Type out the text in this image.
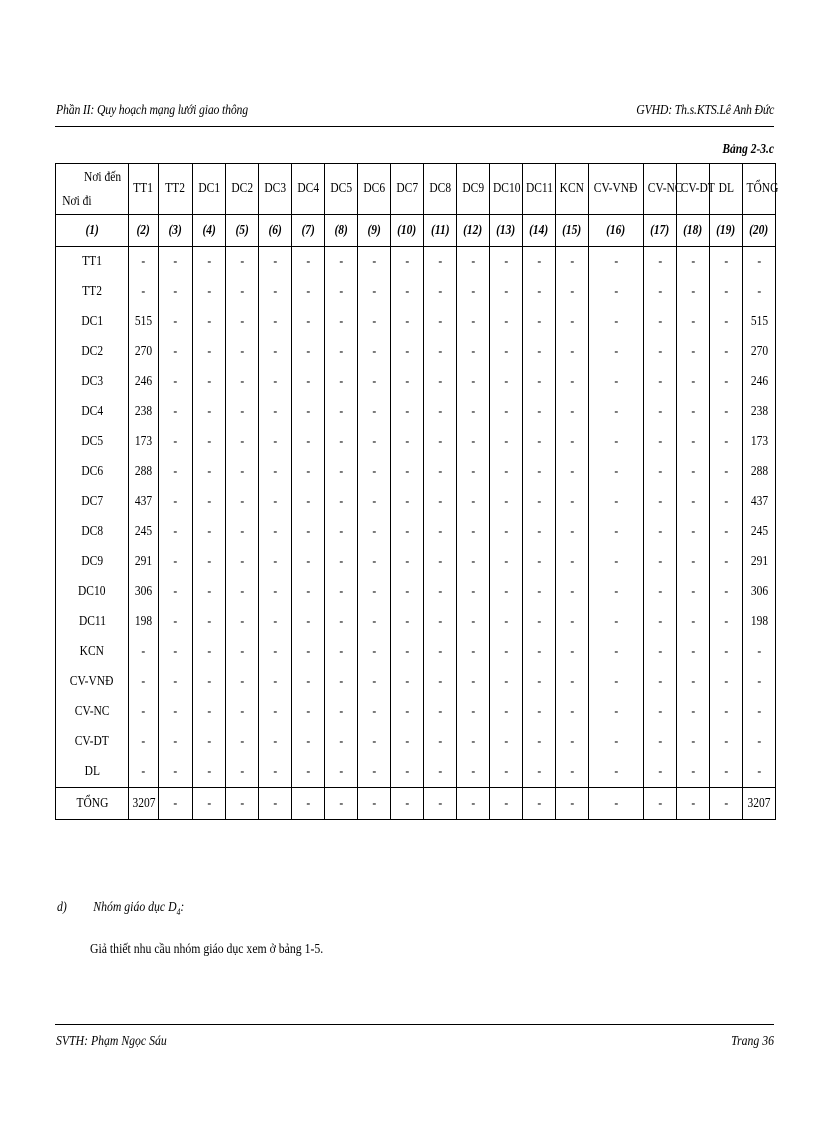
Phần II: Quy hoạch mạng lưới giao thông	GVHD: Th.s.KTS.Lê Anh Đức
Bảng 2-3.c
Nơi đến
Nơi đi	TT1	TT2	DC1	DC2	DC3	DC4	DC5	DC6	DC7	DC8	DC9	DC10	DC11	KCN	CV-VNĐ	CV-NC	CV-DT	DL	TỔNG
(1)	(2)	(3)	(4)	(5)	(6)	(7)	(8)	(9)	(10)	(11)	(12)	(13)	(14)	(15)	(16)	(17)	(18)	(19)	(20)
TT1	-	-	-	-	-	-	-	-	-	-	-	-	-	-	-	-	-	-	-
TT2	-	-	-	-	-	-	-	-	-	-	-	-	-	-	-	-	-	-	-
DC1	515	-	-	-	-	-	-	-	-	-	-	-	-	-	-	-	-	-	515
DC2	270	-	-	-	-	-	-	-	-	-	-	-	-	-	-	-	-	-	270
DC3	246	-	-	-	-	-	-	-	-	-	-	-	-	-	-	-	-	-	246
DC4	238	-	-	-	-	-	-	-	-	-	-	-	-	-	-	-	-	-	238
DC5	173	-	-	-	-	-	-	-	-	-	-	-	-	-	-	-	-	-	173
DC6	288	-	-	-	-	-	-	-	-	-	-	-	-	-	-	-	-	-	288
DC7	437	-	-	-	-	-	-	-	-	-	-	-	-	-	-	-	-	-	437
DC8	245	-	-	-	-	-	-	-	-	-	-	-	-	-	-	-	-	-	245
DC9	291	-	-	-	-	-	-	-	-	-	-	-	-	-	-	-	-	-	291
DC10	306	-	-	-	-	-	-	-	-	-	-	-	-	-	-	-	-	-	306
DC11	198	-	-	-	-	-	-	-	-	-	-	-	-	-	-	-	-	-	198
KCN	-	-	-	-	-	-	-	-	-	-	-	-	-	-	-	-	-	-	-
CV-VNĐ	-	-	-	-	-	-	-	-	-	-	-	-	-	-	-	-	-	-	-
CV-NC	-	-	-	-	-	-	-	-	-	-	-	-	-	-	-	-	-	-	-
CV-DT	-	-	-	-	-	-	-	-	-	-	-	-	-	-	-	-	-	-	-
DL	-	-	-	-	-	-	-	-	-	-	-	-	-	-	-	-	-	-	-
TỔNG	3207	-	-	-	-	-	-	-	-	-	-	-	-	-	-	-	-	-	3207
d) Nhóm giáo dục $D_4$:
Giả thiết nhu cầu nhóm giáo dục xem ở bảng 1-5.
SVTH: Phạm Ngọc Sáu	Trang 36
